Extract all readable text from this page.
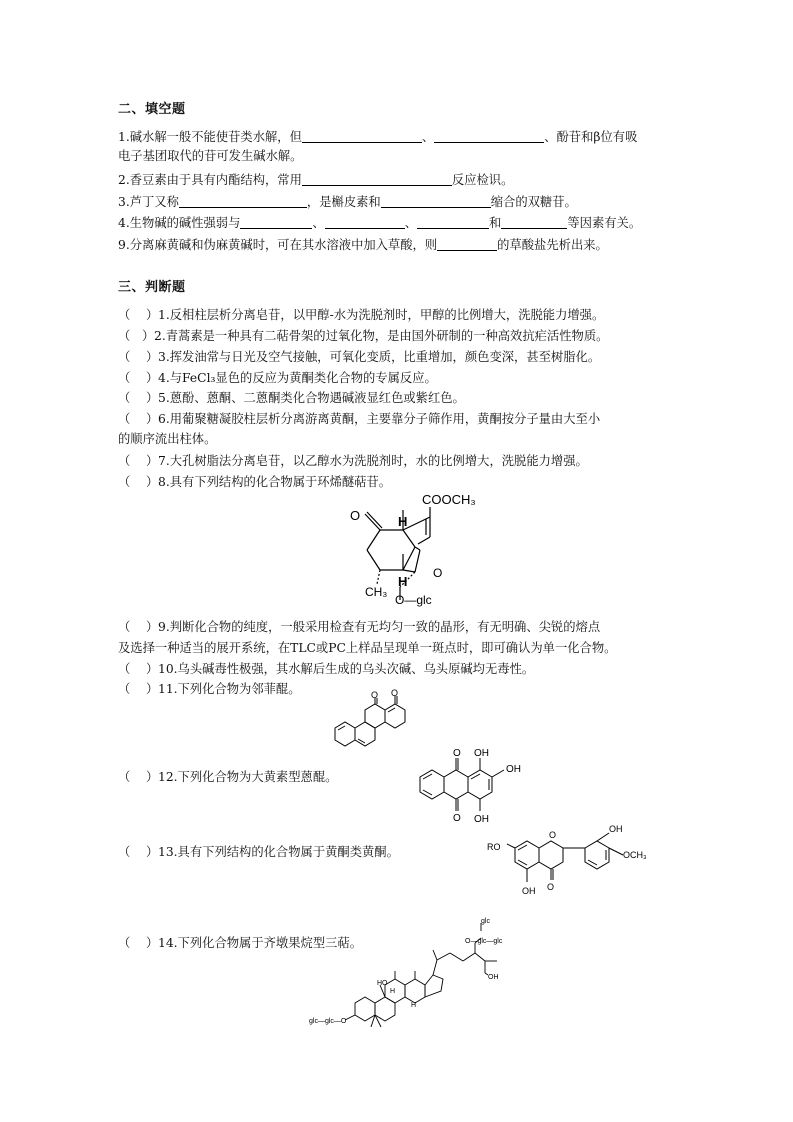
二、填空题
1.碱水解一般不能使苷类水解，但	、	、酚苷和β位有吸
电子基团取代的苷可发生碱水解。
2.香豆素由于具有内酯结构，常用	反应检识。
3.芦丁又称	，是槲皮素和	缩合的双糖苷。
4.生物碱的碱性强弱与	、	、	和	等因素有关。
9.分离麻黄碱和伪麻黄碱时，可在其水溶液中加入草酸，则	的草酸盐先析出来。
三、判断题
（ ）1.反相柱层析分离皂苷，以甲醇-水为洗脱剂时，甲醇的比例增大，洗脱能力增强。
（ ）2.青蒿素是一种具有二萜骨架的过氧化物，是由国外研制的一种高效抗疟活性物质。
（ ）3.挥发油常与日光及空气接触，可氧化变质，比重增加，颜色变深，甚至树脂化。
（ ）4.与FeCl₃显色的反应为黄酮类化合物的专属反应。
（ ）5.蒽酚、蒽酮、二蒽酮类化合物遇碱液显红色或紫红色。
（ ）6.用葡聚糖凝胶柱层析分离游离黄酮，主要靠分子筛作用，黄酮按分子量由大至小
的顺序流出柱体。
（ ）7.大孔树脂法分离皂苷，以乙醇水为洗脱剂时，水的比例增大，洗脱能力增强。
（ ）8.具有下列结构的化合物属于环烯醚萜苷。
O
COOCH₃
H
H
CH₃
O
O—glc
（ ）9.判断化合物的纯度，一般采用检查有无均匀一致的晶形，有无明确、尖锐的熔点
及选择一种适当的展开系统，在TLC或PC上样品呈现单一斑点时，即可确认为单一化合物。
（ ）10.乌头碱毒性极强，其水解后生成的乌头次碱、乌头原碱均无毒性。
（ ）11.下列化合物为邻菲醌。	O O
（ ）12.下列化合物为大黄素型蒽醌。
O
O
OH
OH
OH
（ ）13.具有下列结构的化合物属于黄酮类黄酮。	RO
O
OH
OCH₃
OH O
（ ）14.下列化合物属于齐墩果烷型三萜。
glc
O—glc—glc
OH
HO
H
H
glc—glc—O
